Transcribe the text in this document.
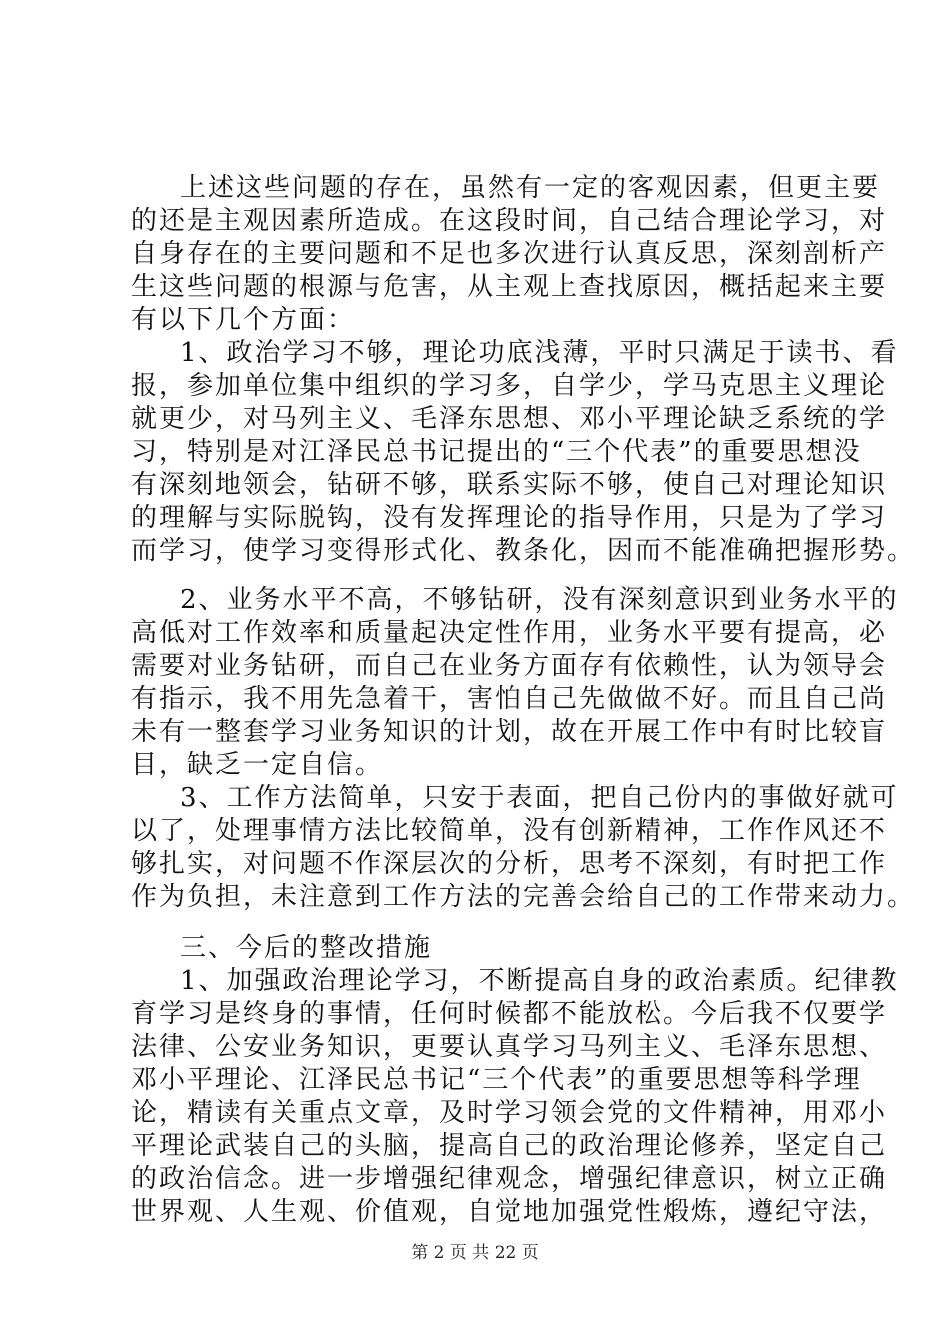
上述这些问题的存在，虽然有一定的客观因素，但更主要
的还是主观因素所造成。在这段时间，自己结合理论学习，对
自身存在的主要问题和不足也多次进行认真反思，深刻剖析产
生这些问题的根源与危害，从主观上查找原因，概括起来主要
有以下几个方面：
1、政治学习不够，理论功底浅薄，平时只满足于读书、看
报，参加单位集中组织的学习多，自学少，学马克思主义理论
就更少，对马列主义、毛泽东思想、邓小平理论缺乏系统的学
习，特别是对江泽民总书记提出的“三个代表”的重要思想没
有深刻地领会，钻研不够，联系实际不够，使自己对理论知识
的理解与实际脱钩，没有发挥理论的指导作用，只是为了学习
而学习，使学习变得形式化、教条化，因而不能准确把握形势。
2、业务水平不高，不够钻研，没有深刻意识到业务水平的
高低对工作效率和质量起决定性作用，业务水平要有提高，必
需要对业务钻研，而自己在业务方面存有依赖性，认为领导会
有指示，我不用先急着干，害怕自己先做做不好。而且自己尚
未有一整套学习业务知识的计划，故在开展工作中有时比较盲
目，缺乏一定自信。
3、工作方法简单，只安于表面，把自己份内的事做好就可
以了，处理事情方法比较简单，没有创新精神，工作作风还不
够扎实，对问题不作深层次的分析，思考不深刻，有时把工作
作为负担，未注意到工作方法的完善会给自己的工作带来动力。
三、今后的整改措施
1、加强政治理论学习，不断提高自身的政治素质。纪律教
育学习是终身的事情，任何时候都不能放松。今后我不仅要学
法律、公安业务知识，更要认真学习马列主义、毛泽东思想、
邓小平理论、江泽民总书记“三个代表”的重要思想等科学理
论，精读有关重点文章，及时学习领会党的文件精神，用邓小
平理论武装自己的头脑，提高自己的政治理论修养，坚定自己
的政治信念。进一步增强纪律观念，增强纪律意识，树立正确
世界观、人生观、价值观，自觉地加强党性煅炼，遵纪守法，
第 2 页 共 22 页
